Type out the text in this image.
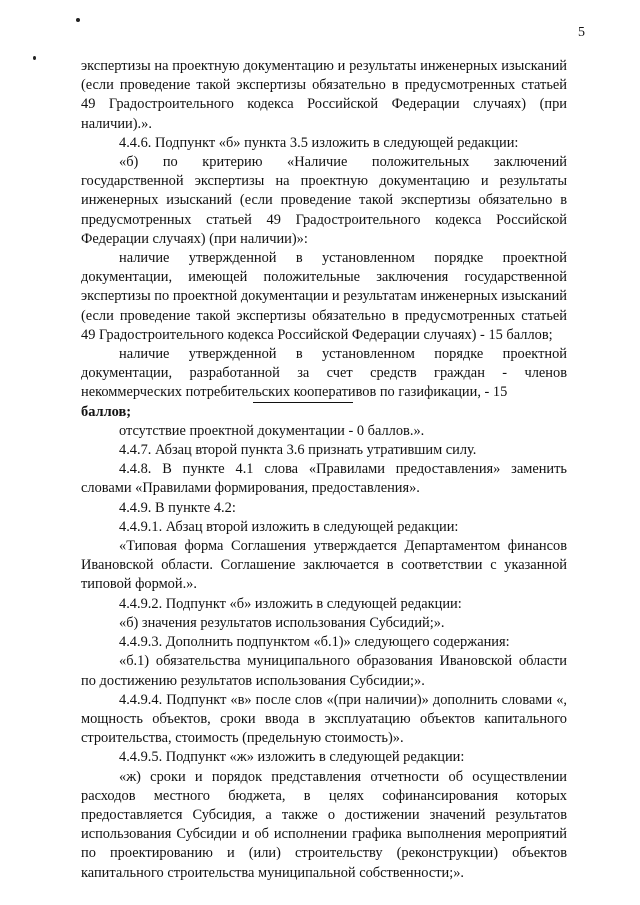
5

экспертизы на проектную документацию и результаты инженерных изысканий (если проведение такой экспертизы обязательно в предусмотренных статьей 49 Градостроительного кодекса Российской Федерации случаях) (при наличии).».

4.4.6. Подпункт «б» пункта 3.5 изложить в следующей редакции:

«б) по критерию «Наличие положительных заключений государственной экспертизы на проектную документацию и результаты инженерных изысканий (если проведение такой экспертизы обязательно в предусмотренных статьей 49 Градостроительного кодекса Российской Федерации случаях) (при наличии)»:

наличие утвержденной в установленном порядке проектной документации, имеющей положительные заключения государственной экспертизы по проектной документации и результатам инженерных изысканий (если проведение такой экспертизы обязательно в предусмотренных статьей 49 Градостроительного кодекса Российской Федерации случаях) - 15 баллов;

наличие утвержденной в установленном порядке проектной документации, разработанной за счет средств граждан - членов некоммерческих потребительских кооперативов по газификации, - 15

баллов;

отсутствие проектной документации - 0 баллов.».

4.4.7. Абзац второй пункта 3.6 признать утратившим силу.

4.4.8. В пункте 4.1 слова «Правилами предоставления» заменить словами «Правилами формирования, предоставления».

4.4.9. В пункте 4.2:

4.4.9.1. Абзац второй изложить в следующей редакции:

«Типовая форма Соглашения утверждается Департаментом финансов Ивановской области. Соглашение заключается в соответствии с указанной типовой формой.».

4.4.9.2. Подпункт «б» изложить в следующей редакции:

«б) значения результатов использования Субсидий;».

4.4.9.3. Дополнить подпунктом «б.1)» следующего содержания:

«б.1) обязательства муниципального образования Ивановской области по достижению результатов использования Субсидии;».

4.4.9.4. Подпункт «в» после слов «(при наличии)» дополнить словами «, мощность объектов, сроки ввода в эксплуатацию объектов капитального строительства, стоимость (предельную стоимость)».

4.4.9.5. Подпункт «ж» изложить в следующей редакции:

«ж) сроки и порядок представления отчетности об осуществлении расходов местного бюджета, в целях софинансирования которых предоставляется Субсидия, а также о достижении значений результатов использования Субсидии и об исполнении графика выполнения мероприятий по проектированию и (или) строительству (реконструкции) объектов капитального строительства муниципальной собственности;».
